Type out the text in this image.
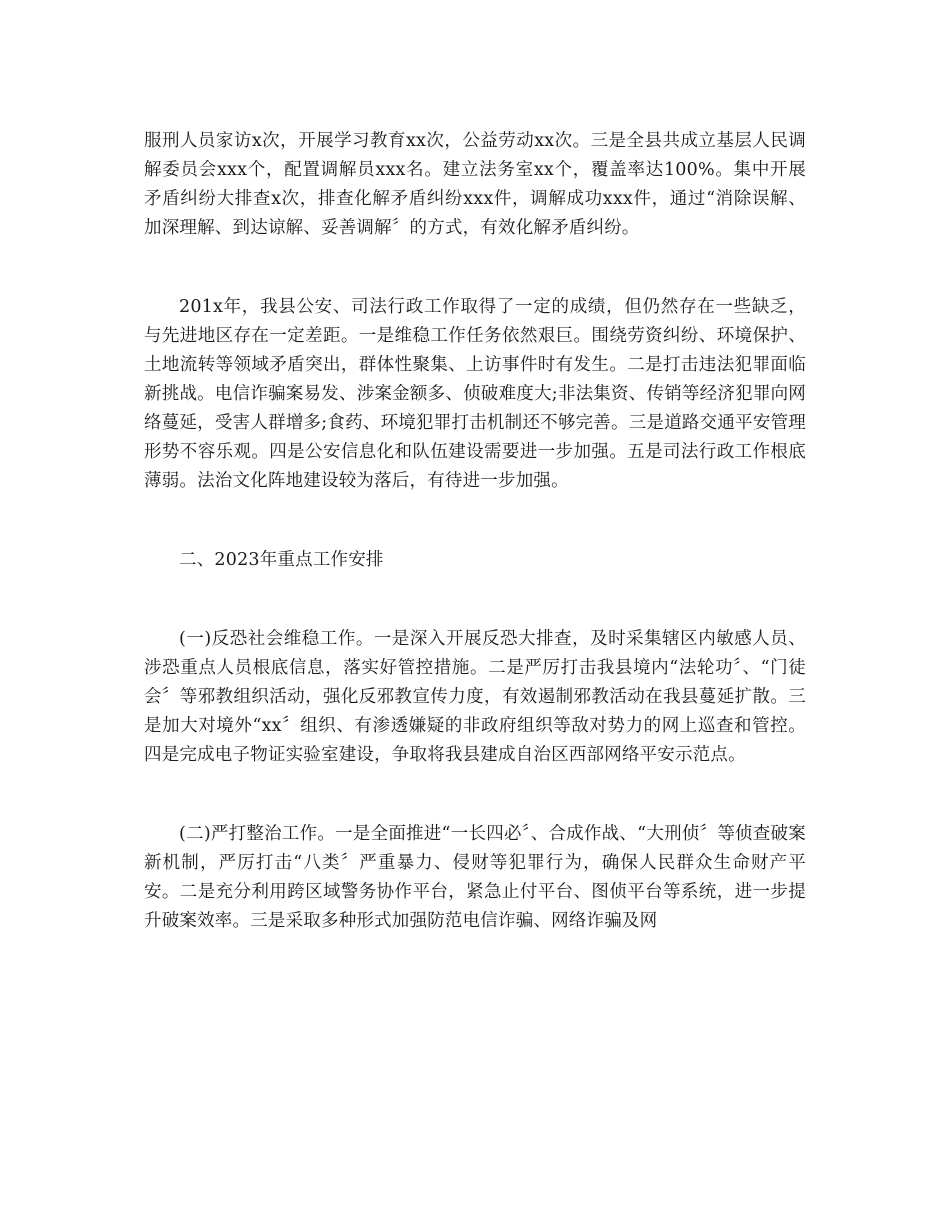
服刑人员家访x次，开展学习教育xx次，公益劳动xx次。三是全县共成立基层人民调解委员会xxx个，配置调解员xxx名。建立法务室xx个，覆盖率达100%。集中开展矛盾纠纷大排查x次，排查化解矛盾纠纷xxx件，调解成功xxx件，通过“消除误解、加深理解、到达谅解、妥善调解〞的方式，有效化解矛盾纠纷。

201x年，我县公安、司法行政工作取得了一定的成绩，但仍然存在一些缺乏，与先进地区存在一定差距。一是维稳工作任务依然艰巨。围绕劳资纠纷、环境保护、土地流转等领域矛盾突出，群体性聚集、上访事件时有发生。二是打击违法犯罪面临新挑战。电信诈骗案易发、涉案金额多、侦破难度大;非法集资、传销等经济犯罪向网络蔓延，受害人群增多;食药、环境犯罪打击机制还不够完善。三是道路交通平安管理形势不容乐观。四是公安信息化和队伍建设需要进一步加强。五是司法行政工作根底薄弱。法治文化阵地建设较为落后，有待进一步加强。

二、2023年重点工作安排

(一)反恐社会维稳工作。一是深入开展反恐大排查，及时采集辖区内敏感人员、涉恐重点人员根底信息，落实好管控措施。二是严厉打击我县境内“法轮功〞、“门徒会〞等邪教组织活动，强化反邪教宣传力度，有效遏制邪教活动在我县蔓延扩散。三是加大对境外“xx〞组织、有渗透嫌疑的非政府组织等敌对势力的网上巡查和管控。四是完成电子物证实验室建设，争取将我县建成自治区西部网络平安示范点。

(二)严打整治工作。一是全面推进“一长四必〞、合成作战、“大刑侦〞等侦查破案新机制，严厉打击“八类〞严重暴力、侵财等犯罪行为，确保人民群众生命财产平安。二是充分利用跨区域警务协作平台，紧急止付平台、图侦平台等系统，进一步提升破案效率。三是采取多种形式加强防范电信诈骗、网络诈骗及网
